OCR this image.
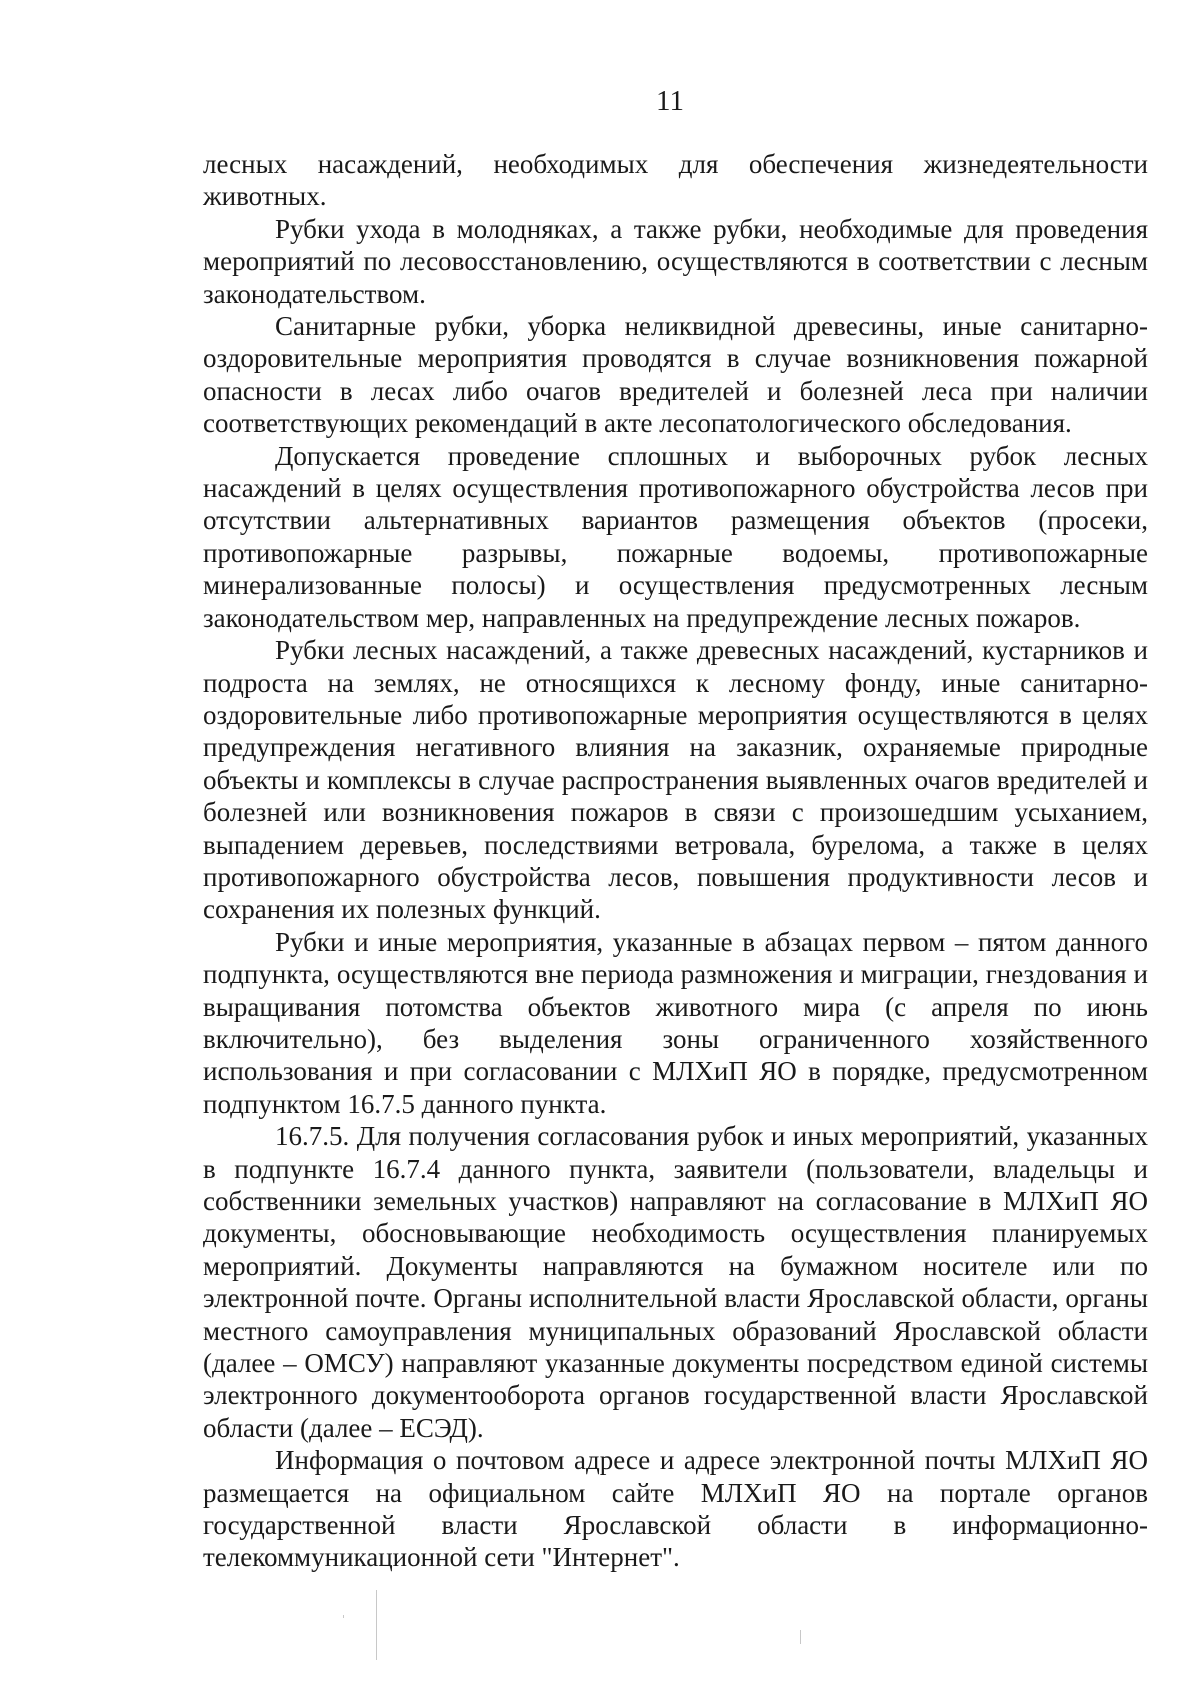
11

лесных насаждений, необходимых для обеспечения жизнедеятельности животных.

Рубки ухода в молодняках, а также рубки, необходимые для проведения мероприятий по лесовосстановлению, осуществляются в соответствии с лесным законодательством.

Санитарные рубки, уборка неликвидной древесины, иные санитарно-оздоровительные мероприятия проводятся в случае возникновения пожарной опасности в лесах либо очагов вредителей и болезней леса при наличии соответствующих рекомендаций в акте лесопатологического обследования.

Допускается проведение сплошных и выборочных рубок лесных насаждений в целях осуществления противопожарного обустройства лесов при отсутствии альтернативных вариантов размещения объектов (просеки, противопожарные разрывы, пожарные водоемы, противопожарные минерализованные полосы) и осуществления предусмотренных лесным законодательством мер, направленных на предупреждение лесных пожаров.

Рубки лесных насаждений, а также древесных насаждений, кустарников и подроста на землях, не относящихся к лесному фонду, иные санитарно-оздоровительные либо противопожарные мероприятия осуществляются в целях предупреждения негативного влияния на заказник, охраняемые природные объекты и комплексы в случае распространения выявленных очагов вредителей и болезней или возникновения пожаров в связи с произошедшим усыханием, выпадением деревьев, последствиями ветровала, бурелома, а также в целях противопожарного обустройства лесов, повышения продуктивности лесов и сохранения их полезных функций.

Рубки и иные мероприятия, указанные в абзацах первом – пятом данного подпункта, осуществляются вне периода размножения и миграции, гнездования и выращивания потомства объектов животного мира (с апреля по июнь включительно), без выделения зоны ограниченного хозяйственного использования и при согласовании с МЛХиП ЯО в порядке, предусмотренном подпунктом 16.7.5 данного пункта.

16.7.5. Для получения согласования рубок и иных мероприятий, указанных в подпункте 16.7.4 данного пункта, заявители (пользователи, владельцы и собственники земельных участков) направляют на согласование в МЛХиП ЯО документы, обосновывающие необходимость осуществления планируемых мероприятий. Документы направляются на бумажном носителе или по электронной почте. Органы исполнительной власти Ярославской области, органы местного самоуправления муниципальных образований Ярославской области (далее – ОМСУ) направляют указанные документы посредством единой системы электронного документооборота органов государственной власти Ярославской области (далее – ЕСЭД).

Информация о почтовом адресе и адресе электронной почты МЛХиП ЯО размещается на официальном сайте МЛХиП ЯО на портале органов государственной власти Ярославской области в информационно-телекоммуникационной сети "Интернет".
